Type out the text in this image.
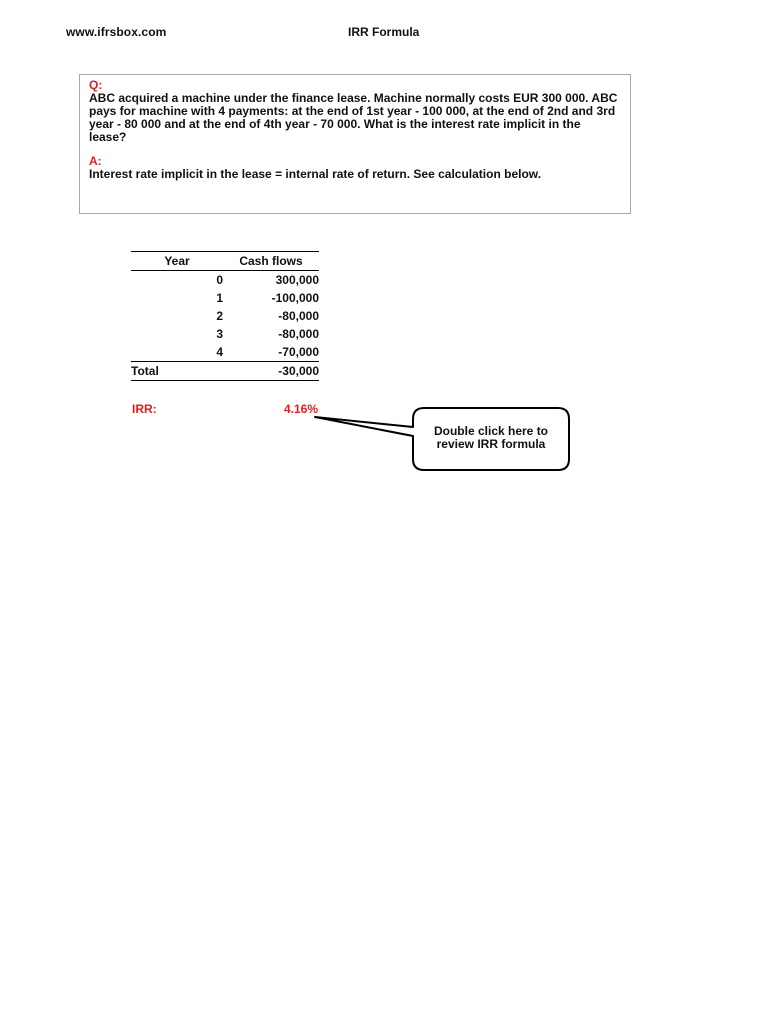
www.ifrsbox.com	IRR Formula
Q:
ABC acquired a machine under the finance lease. Machine normally costs EUR 300 000. ABC pays for machine with 4 payments: at the end of 1st year - 100 000, at the end of 2nd and 3rd year - 80 000 and at the end of 4th year - 70 000. What is the interest rate implicit in the lease?
A:
Interest rate implicit in the lease = internal rate of return. See calculation below.
Year	Cash flows
0	300,000
1	-100,000
2	-80,000
3	-80,000
4	-70,000
Total	-30,000
IRR:	4.16%
Double click here to
review IRR formula
